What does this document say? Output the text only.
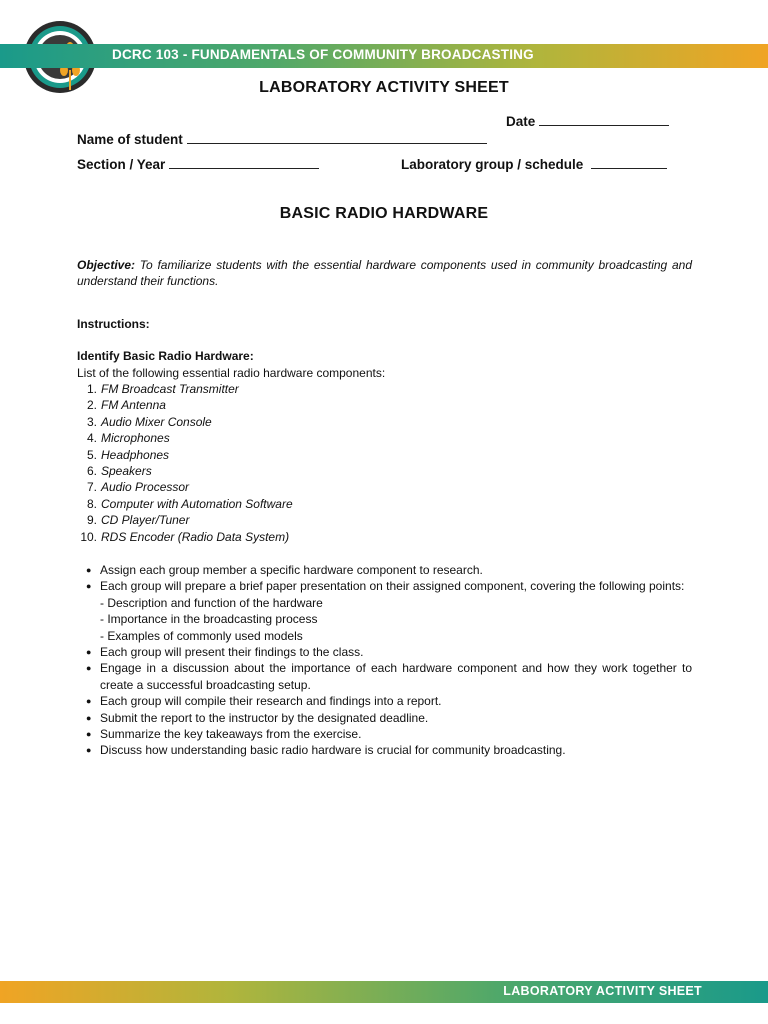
DCRC 103 - FUNDAMENTALS OF COMMUNITY BROADCASTING
LABORATORY ACTIVITY SHEET
Date
Name of student
Section / Year	Laboratory group / schedule
BASIC RADIO HARDWARE
Objective: To familiarize students with the essential hardware components used in community broadcasting and understand their functions.
Instructions:
Identify Basic Radio Hardware:
List of the following essential radio hardware components:
1. FM Broadcast Transmitter
2. FM Antenna
3. Audio Mixer Console
4. Microphones
5. Headphones
6. Speakers
7. Audio Processor
8. Computer with Automation Software
9. CD Player/Tuner
10. RDS Encoder (Radio Data System)
● Assign each group member a specific hardware component to research.
● Each group will prepare a brief paper presentation on their assigned component, covering the following points:
- Description and function of the hardware
- Importance in the broadcasting process
- Examples of commonly used models
● Each group will present their findings to the class.
● Engage in a discussion about the importance of each hardware component and how they work together to create a successful broadcasting setup.
● Each group will compile their research and findings into a report.
● Submit the report to the instructor by the designated deadline.
● Summarize the key takeaways from the exercise.
● Discuss how understanding basic radio hardware is crucial for community broadcasting.
LABORATORY ACTIVITY SHEET
